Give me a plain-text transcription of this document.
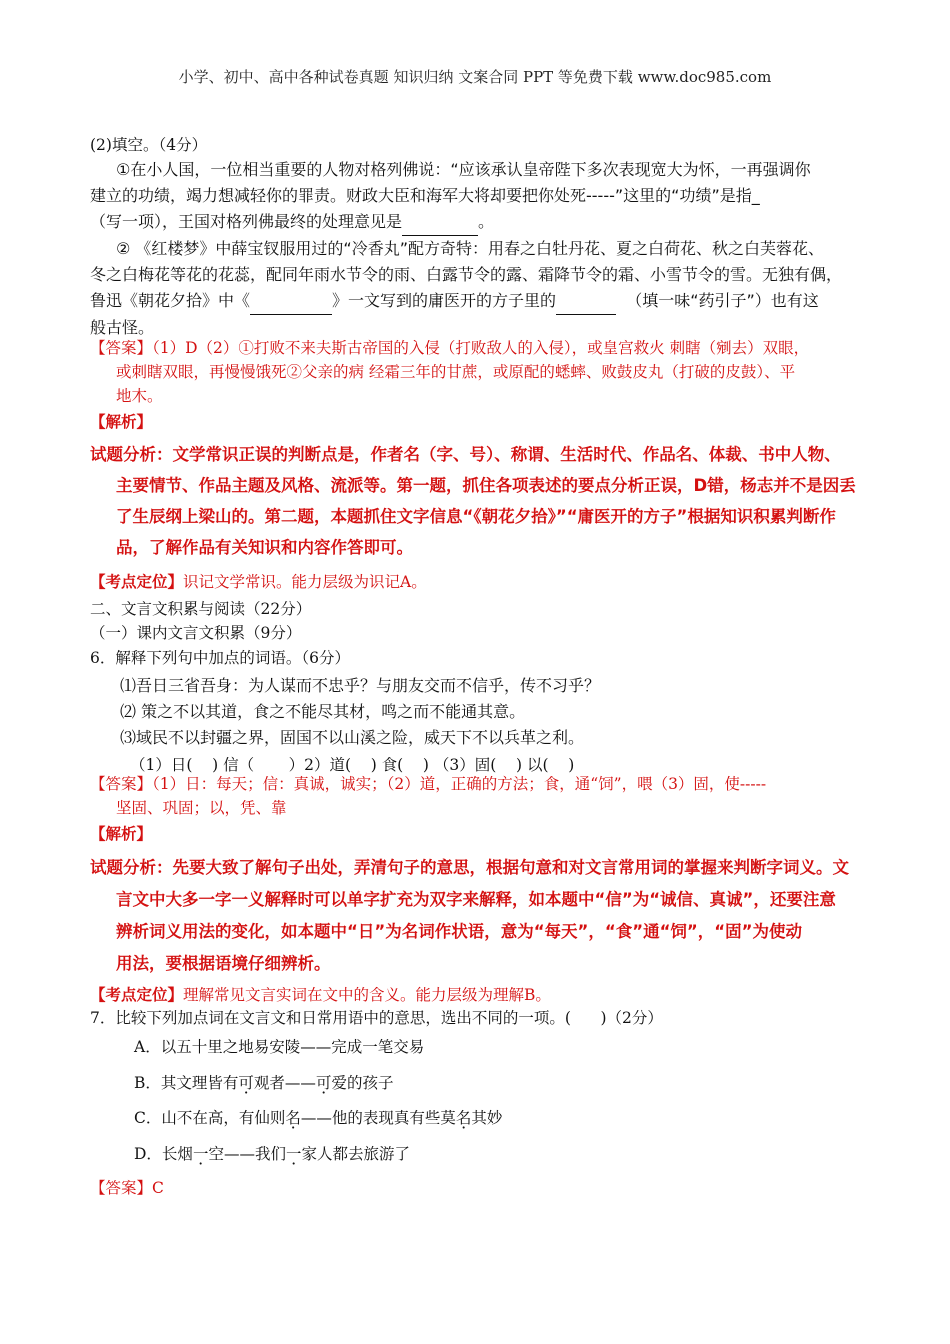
小学、初中、高中各种试卷真题 知识归纳 文案合同 PPT 等免费下载 www.doc985.com
(2)填空。（4分）
①在小人国，一位相当重要的人物对格列佛说：“应该承认皇帝陛下多次表现宽大为怀，一再强调你
建立的功绩，竭力想减轻你的罪责。财政大臣和海军大将却要把你处死-----”这里的“功绩”是指_
（写一项），王国对格列佛最终的处理意见是	。
② 《红楼梦》中薛宝钗服用过的“冷香丸”配方奇特：用春之白牡丹花、夏之白荷花、秋之白芙蓉花、
冬之白梅花等花的花蕊，配同年雨水节令的雨、白露节令的露、霜降节令的霜、小雪节令的雪。无独有偶，
鲁迅《朝花夕拾》中《	》一文写到的庸医开的方子里的	（填一味“药引子”）也有这
般古怪。
【答案】（1）D（2）①打败不来夫斯古帝国的入侵（打败敌人的入侵），或皇宫救火 刺瞎（剜去）双眼，
或刺瞎双眼，再慢慢饿死②父亲的病 经霜三年的甘蔗，或原配的蟋蟀、败鼓皮丸（打破的皮鼓）、平
地木。
【解析】
试题分析：文学常识正误的判断点是，作者名（字、号）、称谓、生活时代、作品名、体裁、书中人物、
主要情节、作品主题及风格、流派等。第一题，抓住各项表述的要点分析正误，D错，杨志并不是因丢
了生辰纲上梁山的。第二题，本题抓住文字信息“《朝花夕拾》”“庸医开的方子”根据知识积累判断作
品，了解作品有关知识和内容作答即可。
【考点定位】识记文学常识。能力层级为识记A。
二、文言文积累与阅读（22分）
（一）课内文言文积累（9分）
6．解释下列句中加点的词语。（6分）
⑴吾日三省吾身：为人谋而不忠乎？与朋友交而不信乎，传不习乎？
⑵ 策之不以其道，食之不能尽其材，鸣之而不能通其意。
⑶域民不以封疆之界，固国不以山溪之险，威天下不以兵革之利。
（1）日(    ) 信（       ）2）道(    ) 食(    ) （3）固(    ) 以(    )
【答案】（1）日：每天；信：真诚，诚实；（2）道，正确的方法；食，通“饲”，喂（3）固，使-----
坚固、巩固；以，凭、靠
【解析】
试题分析：先要大致了解句子出处，弄清句子的意思，根据句意和对文言常用词的掌握来判断字词义。文
言文中大多一字一义解释时可以单字扩充为双字来解释，如本题中“信”为“诚信、真诚”，还要注意
辨析词义用法的变化，如本题中“日”为名词作状语，意为“每天”，“食”通“饲”，“固”为使动
用法，要根据语境仔细辨析。
【考点定位】理解常见文言实词在文中的含义。能力层级为理解B。
7．比较下列加点词在文言文和日常用语中的意思，选出不同的一项。(      )（2分）
A．以五十里之地易安陵——完成一笔交易
B．其文理皆有可观者——可爱的孩子
C．山不在高，有仙则名——他的表现真有些莫名其妙
D．长烟一空——我们一家人都去旅游了
【答案】C
